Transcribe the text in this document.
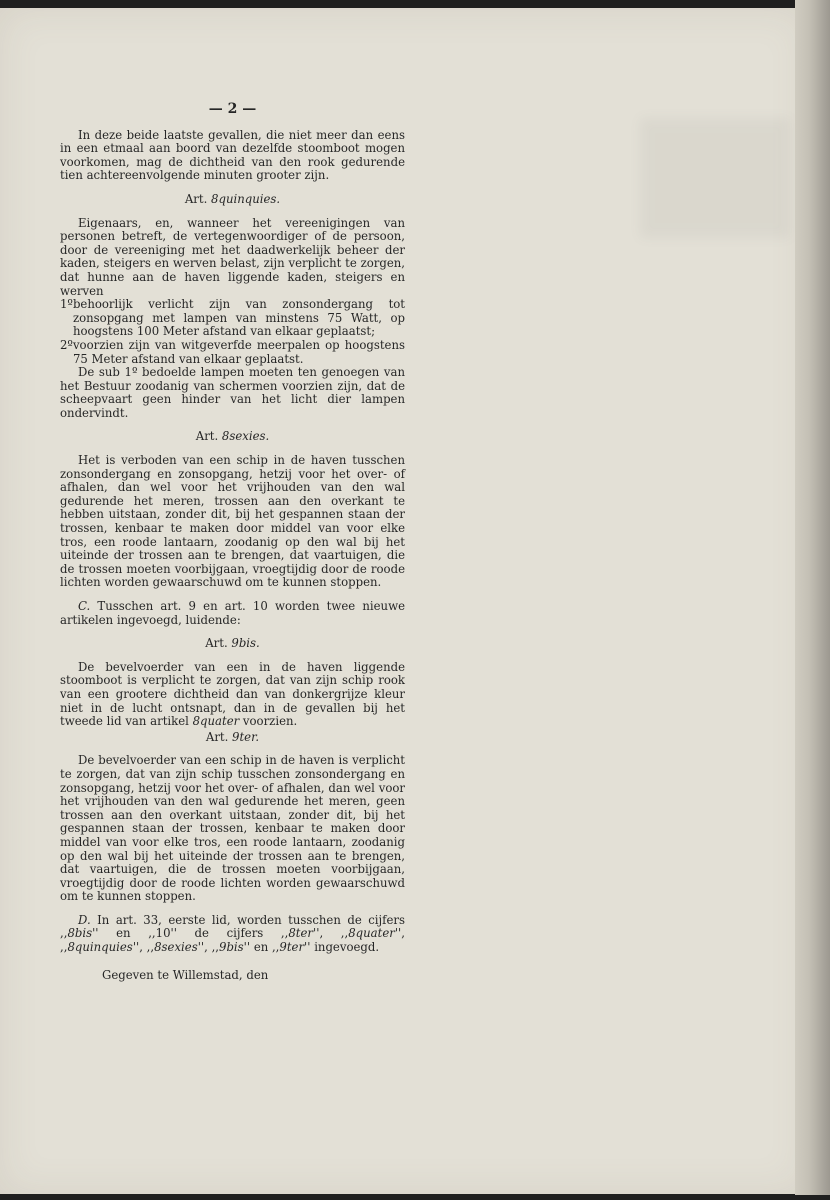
— 2 —

In deze beide laatste gevallen, die niet meer dan eens in een etmaal aan boord van dezelfde stoomboot mogen voorkomen, mag de dichtheid van den rook gedurende tien achtereenvolgende minuten grooter zijn.

Art. 8quinquies.

Eigenaars, en, wanneer het vereenigingen van personen betreft, de vertegenwoordiger of de persoon, door de vereeniging met het daadwerkelijk beheer der kaden, steigers en werven belast, zijn verplicht te zorgen, dat hunne aan de haven liggende kaden, steigers en werven

1º behoorlijk verlicht zijn van zonsondergang tot zonsopgang met lampen van minstens 75 Watt, op hoogstens 100 Meter afstand van elkaar geplaatst;
2º voorzien zijn van witgeverfde meerpalen op hoogstens 75 Meter afstand van elkaar geplaatst.

De sub 1º bedoelde lampen moeten ten genoegen van het Bestuur zoodanig van schermen voorzien zijn, dat de scheepvaart geen hinder van het licht dier lampen ondervindt.

Art. 8sexies.

Het is verboden van een schip in de haven tusschen zonsondergang en zonsopgang, hetzij voor het over- of afhalen, dan wel voor het vrijhouden van den wal gedurende het meren, trossen aan den overkant te hebben uitstaan, zonder dit, bij het gespannen staan der trossen, kenbaar te maken door middel van voor elke tros, een roode lantaarn, zoodanig op den wal bij het uiteinde der trossen aan te brengen, dat vaartuigen, die de trossen moeten voorbijgaan, vroegtijdig door de roode lichten worden gewaarschuwd om te kunnen stoppen.

C. Tusschen art. 9 en art. 10 worden twee nieuwe artikelen ingevoegd, luidende:

Art. 9bis.

De bevelvoerder van een in de haven liggende stoomboot is verplicht te zorgen, dat van zijn schip rook van een grootere dichtheid dan van donkergrijze kleur niet in de lucht ontsnapt, dan in de gevallen bij het tweede lid van artikel 8quater voorzien.

Art. 9ter.

De bevelvoerder van een schip in de haven is verplicht te zorgen, dat van zijn schip tusschen zonsondergang en zonsopgang, hetzij voor het over- of afhalen, dan wel voor het vrijhouden van den wal gedurende het meren, geen trossen aan den overkant uitstaan, zonder dit, bij het gespannen staan der trossen, kenbaar te maken door middel van voor elke tros, een roode lantaarn, zoodanig op den wal bij het uiteinde der trossen aan te brengen, dat vaartuigen, die de trossen moeten voorbijgaan, vroegtijdig door de roode lichten worden gewaarschuwd om te kunnen stoppen.

D. In art. 33, eerste lid, worden tusschen de cijfers ,,8bis'' en ,,10'' de cijfers ,,8ter'', ,,8quater'', ,,8quinquies'', ,,8sexies'', ,,9bis'' en ,,9ter'' ingevoegd.

Gegeven te Willemstad, den
